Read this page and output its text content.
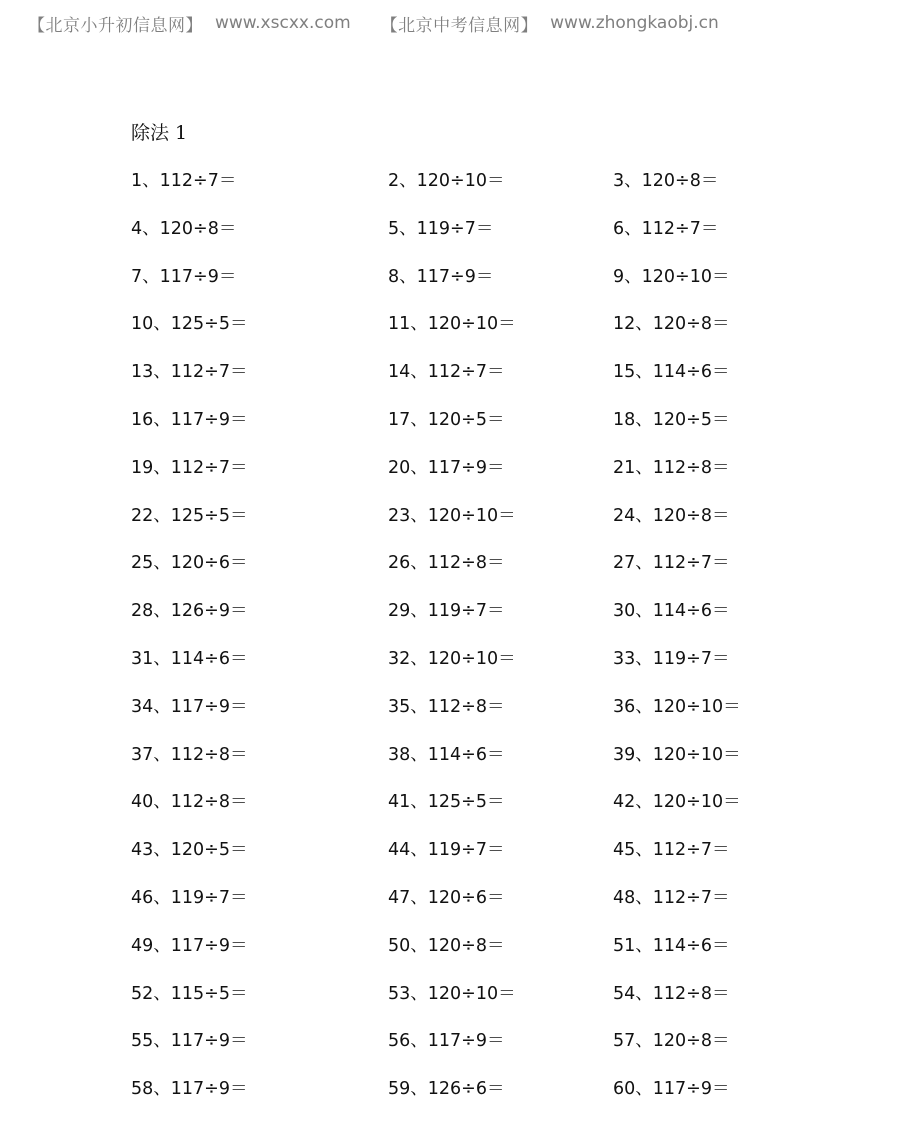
【北京小升初信息网】 www.xscxx.com 【北京中考信息网】 www.zhongkaobj.cn
除法 1
1、112÷7＝	2、120÷10＝	3、120÷8＝
4、120÷8＝	5、119÷7＝	6、112÷7＝
7、117÷9＝	8、117÷9＝	9、120÷10＝
10、125÷5＝	11、120÷10＝	12、120÷8＝
13、112÷7＝	14、112÷7＝	15、114÷6＝
16、117÷9＝	17、120÷5＝	18、120÷5＝
19、112÷7＝	20、117÷9＝	21、112÷8＝
22、125÷5＝	23、120÷10＝	24、120÷8＝
25、120÷6＝	26、112÷8＝	27、112÷7＝
28、126÷9＝	29、119÷7＝	30、114÷6＝
31、114÷6＝	32、120÷10＝	33、119÷7＝
34、117÷9＝	35、112÷8＝	36、120÷10＝
37、112÷8＝	38、114÷6＝	39、120÷10＝
40、112÷8＝	41、125÷5＝	42、120÷10＝
43、120÷5＝	44、119÷7＝	45、112÷7＝
46、119÷7＝	47、120÷6＝	48、112÷7＝
49、117÷9＝	50、120÷8＝	51、114÷6＝
52、115÷5＝	53、120÷10＝	54、112÷8＝
55、117÷9＝	56、117÷9＝	57、120÷8＝
58、117÷9＝	59、126÷6＝	60、117÷9＝
